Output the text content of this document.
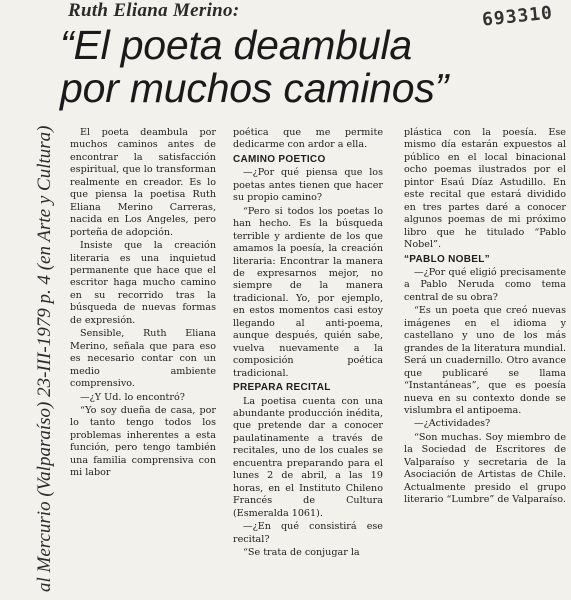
Ruth Eliana Merino:	693310
“El poeta deambula
por muchos caminos”
al Mercurio (Valparaíso) 23-III-1979 p. 4 (en Arte y Cultura)	El poeta deambula por muchos caminos antes de encontrar la satisfacción espiritual, que lo transforman realmente en creador. Es lo que piensa la poetisa Ruth Eliana Merino Carreras, nacida en Los Angeles, pero porteña de adopción.

Insiste que la creación literaria es una inquietud permanente que hace que el escritor haga mucho camino en su recorrido tras la búsqueda de nuevas formas de expresión.

Sensible, Ruth Eliana Merino, señala que para eso es necesario contar con un medio ambiente comprensivo.

—¿Y Ud. lo encontró?

“Yo soy dueña de casa, por lo tanto tengo todos los problemas inherentes a esta función, pero tengo también una familia comprensiva con mi labor

poética que me permite dedicarme con ardor a ella.

CAMINO POETICO

—¿Por qué piensa que los poetas antes tienen que hacer su propio camino?

“Pero si todos los poetas lo han hecho. Es la búsqueda terrible y ardiente de los que amamos la poesía, la creación literaria: Encontrar la manera de expresarnos mejor, no siempre de la manera tradicional. Yo, por ejemplo, en estos momentos casi estoy llegando al anti-poema, aunque después, quién sabe, vuelva nuevamente a la composición poética tradicional.

PREPARA RECITAL

La poetisa cuenta con una abundante producción inédita, que pretende dar a conocer paulatinamente a través de recitales, uno de los cuales se encuentra preparando para el lunes 2 de abril, a las 19 horas, en el Instituto Chileno Francés de Cultura (Esmeralda 1061).

—¿En qué consistirá ese recital?

“Se trata de conjugar la

plástica con la poesía. Ese mismo día estarán expuestos al público en el local binacional ocho poemas ilustrados por el pintor Esaú Díaz Astudillo. En este recital que estará dividido en tres partes daré a conocer algunos poemas de mi próximo libro que he titulado “Pablo Nobel”.

“PABLO NOBEL”

—¿Por qué eligió precisamente a Pablo Neruda como tema central de su obra?

“Es un poeta que creó nuevas imágenes en el idioma y castellano y uno de los más grandes de la literatura mundial. Será un cuadernillo. Otro avance que publicaré se llama “Instantáneas”, que es poesía nueva en su contexto donde se vislumbra el antipoema.

—¿Actividades?

“Son muchas. Soy miembro de la Sociedad de Escritores de Valparaíso y secretaria de la Asociación de Artistas de Chile. Actualmente presido el grupo literario “Lumbre” de Valparaíso.
